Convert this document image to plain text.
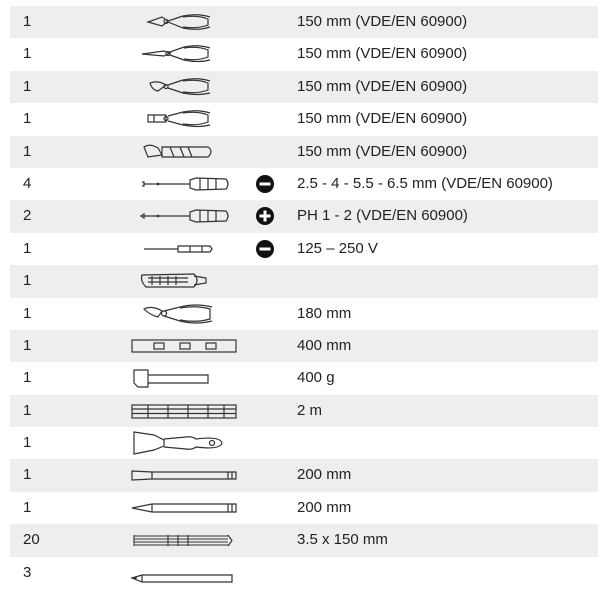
1	150 mm (VDE/EN 60900)
1	150 mm (VDE/EN 60900)
1	150 mm (VDE/EN 60900)
1	150 mm (VDE/EN 60900)
1	150 mm (VDE/EN 60900)
4	2.5 - 4 - 5.5 - 6.5 mm (VDE/EN 60900)
2	PH 1 - 2 (VDE/EN 60900)
1	125 – 250 V
1
1	180 mm
1	400 mm
1	400 g
1	2 m
1
1	200 mm
1	200 mm
20	3.5 x 150 mm
3
